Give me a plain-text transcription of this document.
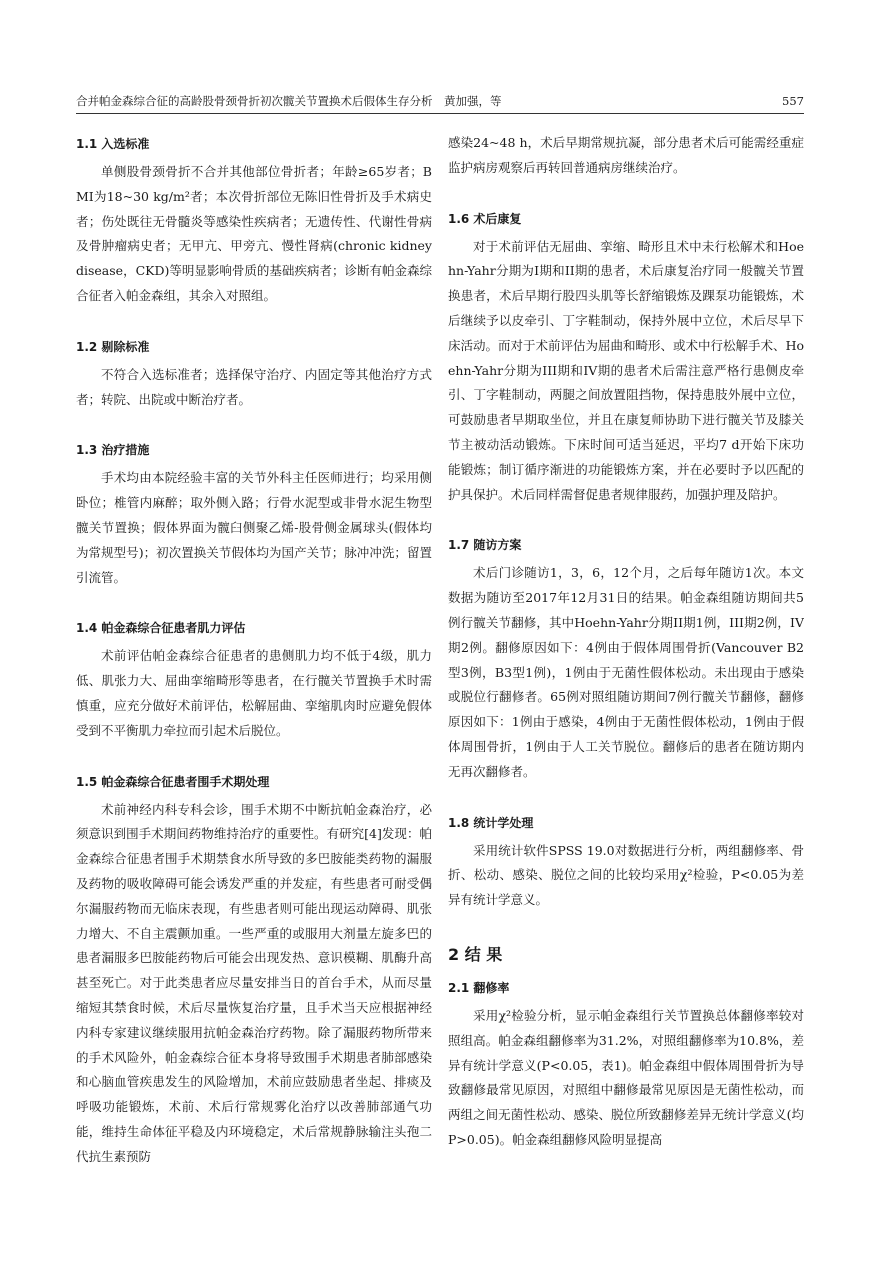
合并帕金森综合征的高龄股骨颈骨折初次髋关节置换术后假体生存分析　黄加强，等	557
1.1 入选标准

单侧股骨颈骨折不合并其他部位骨折者；年龄≥65岁者；BMI为18~30 kg/m²者；本次骨折部位无陈旧性骨折及手术病史者；伤处既往无骨髓炎等感染性疾病者；无遗传性、代谢性骨病及骨肿瘤病史者；无甲亢、甲旁亢、慢性肾病(chronic kidney disease，CKD)等明显影响骨质的基础疾病者；诊断有帕金森综合征者入帕金森组，其余入对照组。

1.2 剔除标准

不符合入选标准者；选择保守治疗、内固定等其他治疗方式者；转院、出院或中断治疗者。

1.3 治疗措施

手术均由本院经验丰富的关节外科主任医师进行；均采用侧卧位；椎管内麻醉；取外侧入路；行骨水泥型或非骨水泥生物型髋关节置换；假体界面为髋臼侧聚乙烯-股骨侧金属球头(假体均为常规型号)；初次置换关节假体均为国产关节；脉冲冲洗；留置引流管。

1.4 帕金森综合征患者肌力评估

术前评估帕金森综合征患者的患侧肌力均不低于4级，肌力低、肌张力大、屈曲挛缩畸形等患者，在行髋关节置换手术时需慎重，应充分做好术前评估，松解屈曲、挛缩肌肉时应避免假体受到不平衡肌力牵拉而引起术后脱位。

1.5 帕金森综合征患者围手术期处理

术前神经内科专科会诊，围手术期不中断抗帕金森治疗，必须意识到围手术期间药物维持治疗的重要性。有研究[4]发现：帕金森综合征患者围手术期禁食水所导致的多巴胺能类药物的漏服及药物的吸收障碍可能会诱发严重的并发症，有些患者可耐受偶尔漏服药物而无临床表现，有些患者则可能出现运动障碍、肌张力增大、不自主震颤加重。一些严重的或服用大剂量左旋多巴的患者漏服多巴胺能药物后可能会出现发热、意识模糊、肌酶升高甚至死亡。对于此类患者应尽量安排当日的首台手术，从而尽量缩短其禁食时候，术后尽量恢复治疗量，且手术当天应根据神经内科专家建议继续服用抗帕金森治疗药物。除了漏服药物所带来的手术风险外，帕金森综合征本身将导致围手术期患者肺部感染和心脑血管疾患发生的风险增加，术前应鼓励患者坐起、排痰及呼吸功能锻炼，术前、术后行常规雾化治疗以改善肺部通气功能，维持生命体征平稳及内环境稳定，术后常规静脉输注头孢二代抗生素预防

感染24~48 h，术后早期常规抗凝，部分患者术后可能需经重症监护病房观察后再转回普通病房继续治疗。

1.6 术后康复

对于术前评估无屈曲、挛缩、畸形且术中未行松解术和Hoehn-Yahr分期为I期和II期的患者，术后康复治疗同一般髋关节置换患者，术后早期行股四头肌等长舒缩锻炼及踝泵功能锻炼，术后继续予以皮牵引、丁字鞋制动，保持外展中立位，术后尽早下床活动。而对于术前评估为屈曲和畸形、或术中行松解手术、Hoehn-Yahr分期为III期和IV期的患者术后需注意严格行患侧皮牵引、丁字鞋制动，两腿之间放置阻挡物，保持患肢外展中立位，可鼓励患者早期取坐位，并且在康复师协助下进行髋关节及膝关节主被动活动锻炼。下床时间可适当延迟，平均7 d开始下床功能锻炼；制订循序渐进的功能锻炼方案，并在必要时予以匹配的护具保护。术后同样需督促患者规律服药，加强护理及陪护。

1.7 随访方案

术后门诊随访1，3，6，12个月，之后每年随访1次。本文数据为随访至2017年12月31日的结果。帕金森组随访期间共5例行髋关节翻修，其中Hoehn-Yahr分期II期1例，III期2例，IV期2例。翻修原因如下：4例由于假体周围骨折(Vancouver B2型3例，B3型1例)，1例由于无菌性假体松动。未出现由于感染或脱位行翻修者。65例对照组随访期间7例行髋关节翻修，翻修原因如下：1例由于感染，4例由于无菌性假体松动，1例由于假体周围骨折，1例由于人工关节脱位。翻修后的患者在随访期内无再次翻修者。

1.8 统计学处理

采用统计软件SPSS 19.0对数据进行分析，两组翻修率、骨折、松动、感染、脱位之间的比较均采用χ²检验，P<0.05为差异有统计学意义。

2 结 果
2.1 翻修率

采用χ²检验分析，显示帕金森组行关节置换总体翻修率较对照组高。帕金森组翻修率为31.2%，对照组翻修率为10.8%，差异有统计学意义(P<0.05，表1)。帕金森组中假体周围骨折为导致翻修最常见原因，对照组中翻修最常见原因是无菌性松动，而两组之间无菌性松动、感染、脱位所致翻修差异无统计学意义(均P>0.05)。帕金森组翻修风险明显提高
